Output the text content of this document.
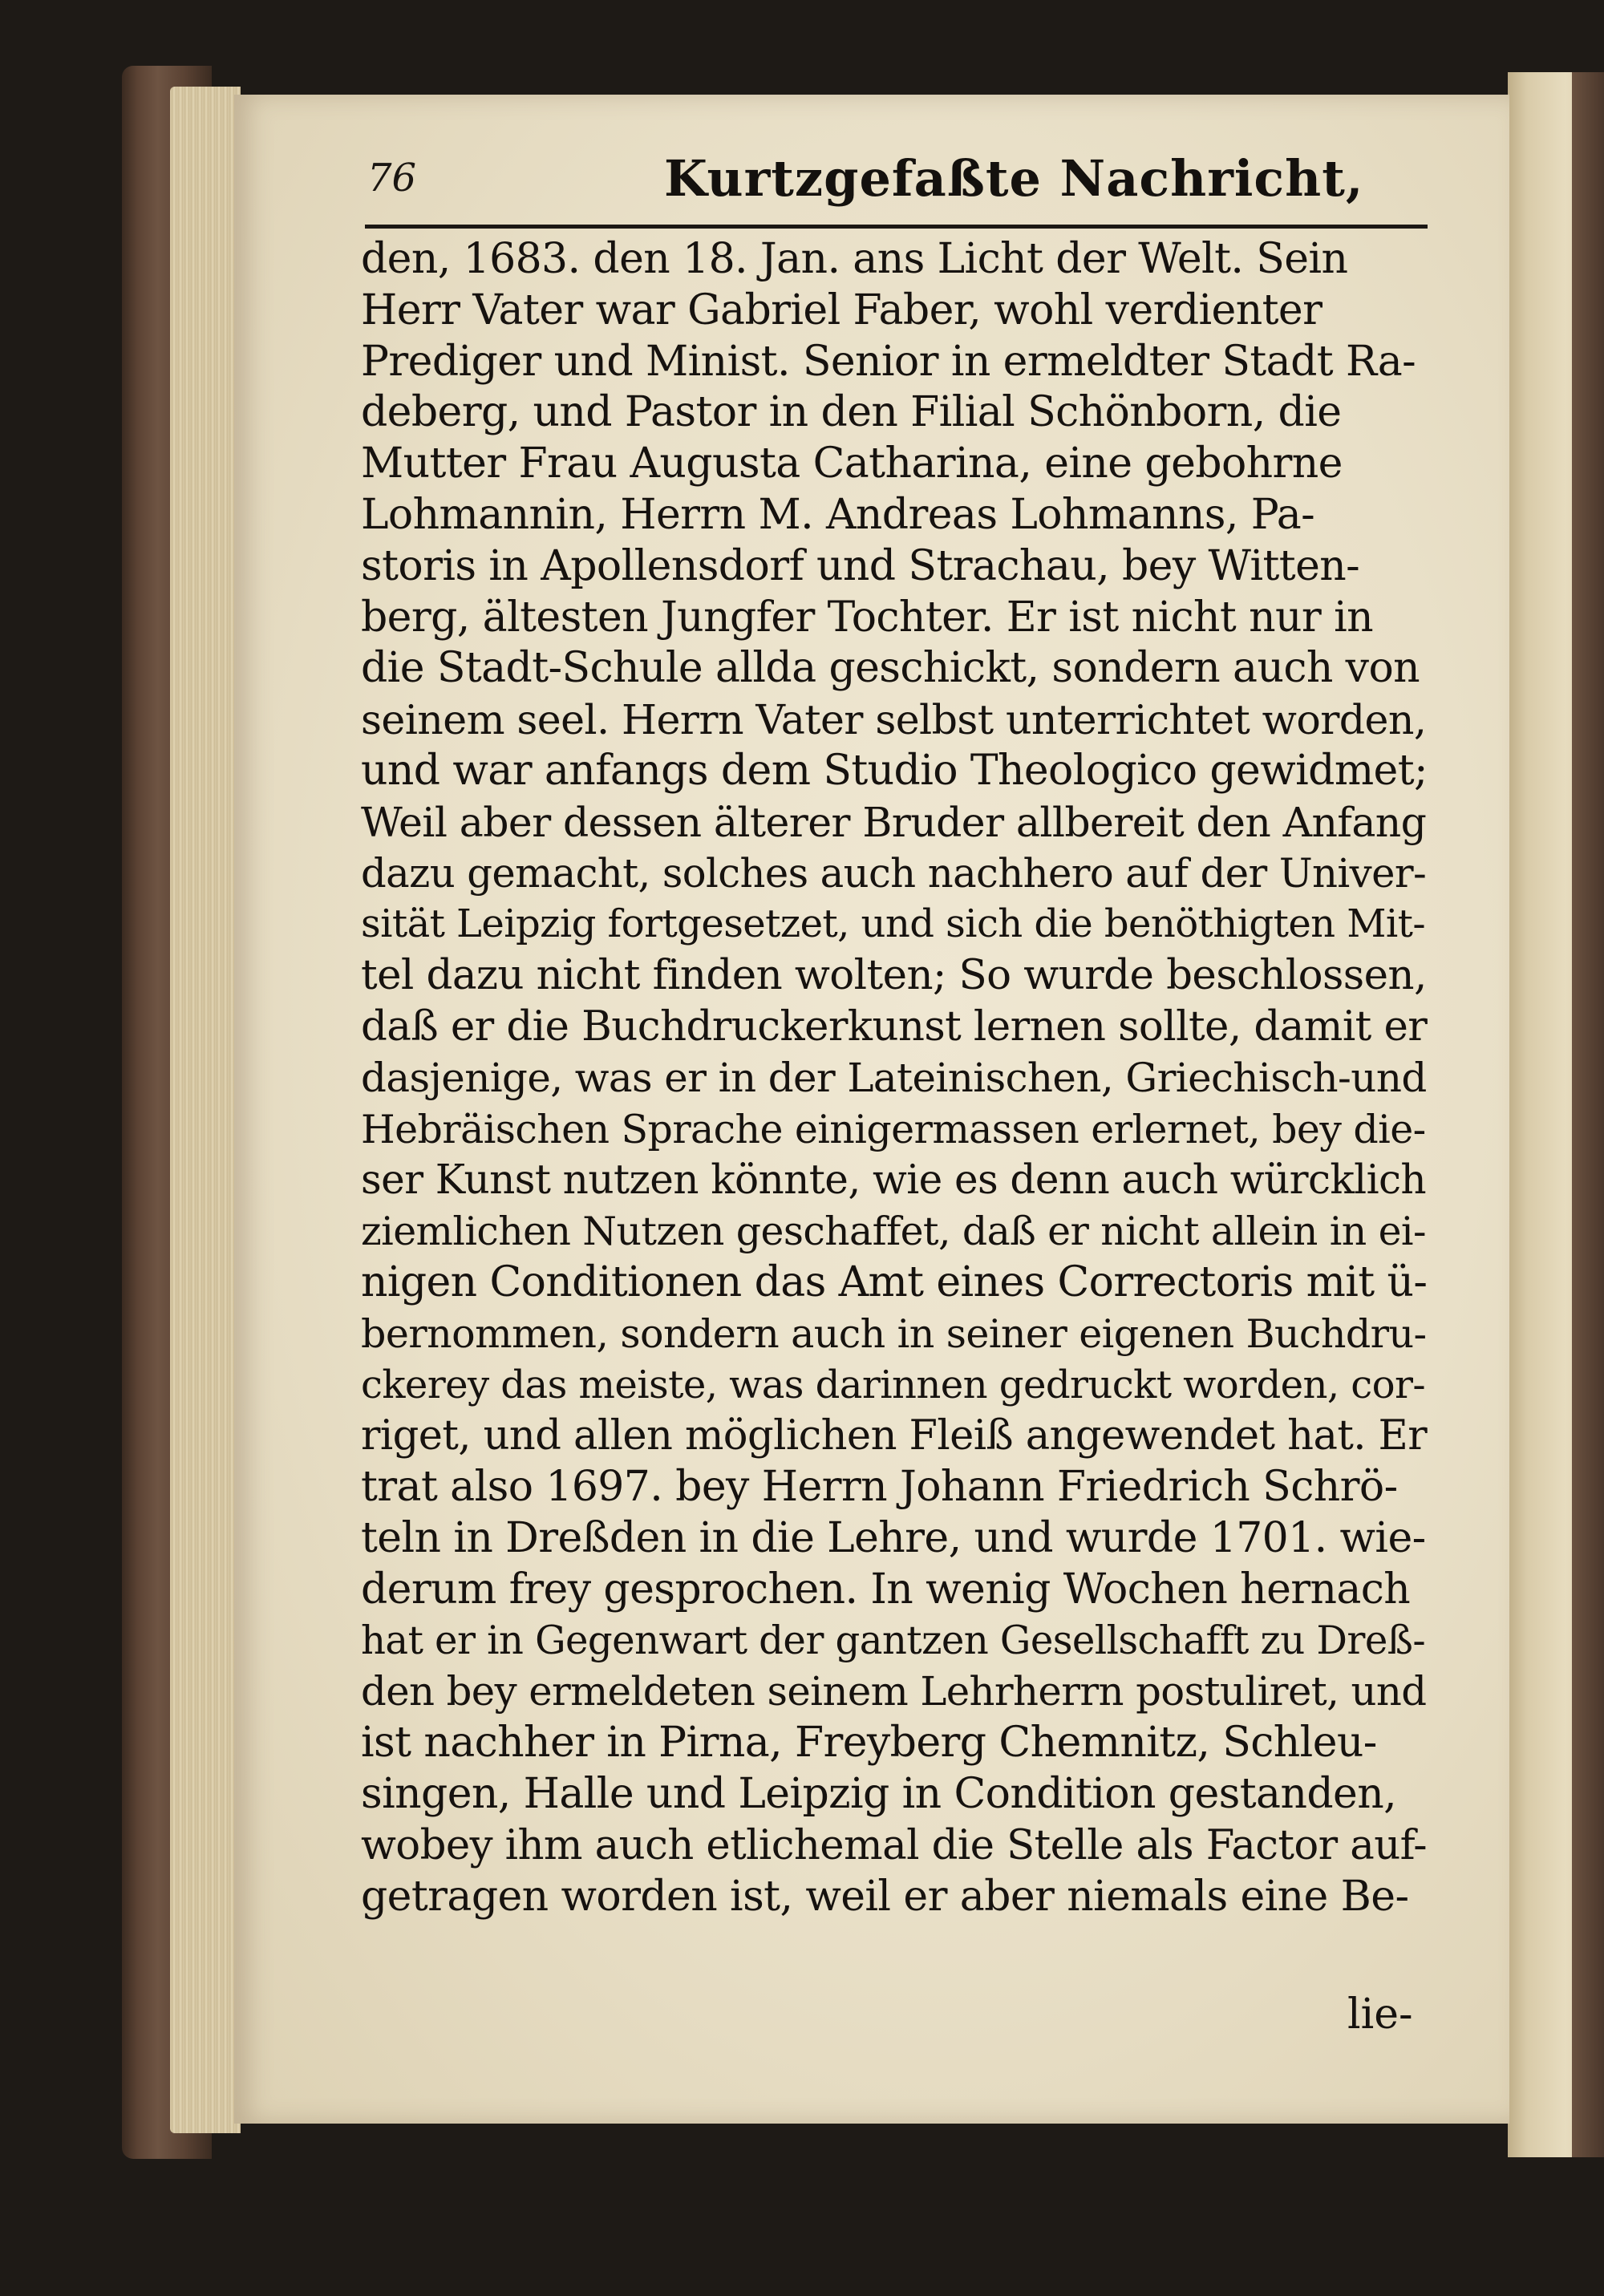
76	Kurtzgefaßte Nachricht,
den, 1683. den 18. Jan. ans Licht der Welt. Sein
Herr Vater war Gabriel Faber, wohl verdienter
Prediger und Minist. Senior in ermeldter Stadt Ra-
deberg, und Pastor in den Filial Schönborn, die
Mutter Frau Augusta Catharina, eine gebohrne
Lohmannin, Herrn M. Andreas Lohmanns, Pa-
storis in Apollensdorf und Strachau, bey Witten-
berg, ältesten Jungfer Tochter. Er ist nicht nur in
die Stadt-Schule allda geschickt, sondern auch von
seinem seel. Herrn Vater selbst unterrichtet worden,
und war anfangs dem Studio Theologico gewidmet;
Weil aber dessen älterer Bruder allbereit den Anfang
dazu gemacht, solches auch nachhero auf der Univer-
sität Leipzig fortgesetzet, und sich die benöthigten Mit-
tel dazu nicht finden wolten; So wurde beschlossen,
daß er die Buchdruckerkunst lernen sollte, damit er
dasjenige, was er in der Lateinischen, Griechisch-und
Hebräischen Sprache einigermassen erlernet, bey die-
ser Kunst nutzen könnte, wie es denn auch würcklich
ziemlichen Nutzen geschaffet, daß er nicht allein in ei-
nigen Conditionen das Amt eines Correctoris mit ü-
bernommen, sondern auch in seiner eigenen Buchdru-
ckerey das meiste, was darinnen gedruckt worden, cor-
riget, und allen möglichen Fleiß angewendet hat. Er
trat also 1697. bey Herrn Johann Friedrich Schrö-
teln in Dreßden in die Lehre, und wurde 1701. wie-
derum frey gesprochen. In wenig Wochen hernach
hat er in Gegenwart der gantzen Gesellschafft zu Dreß-
den bey ermeldeten seinem Lehrherrn postuliret, und
ist nachher in Pirna, Freyberg Chemnitz, Schleu-
singen, Halle und Leipzig in Condition gestanden,
wobey ihm auch etlichemal die Stelle als Factor auf-
getragen worden ist, weil er aber niemals eine Be-
lie-
